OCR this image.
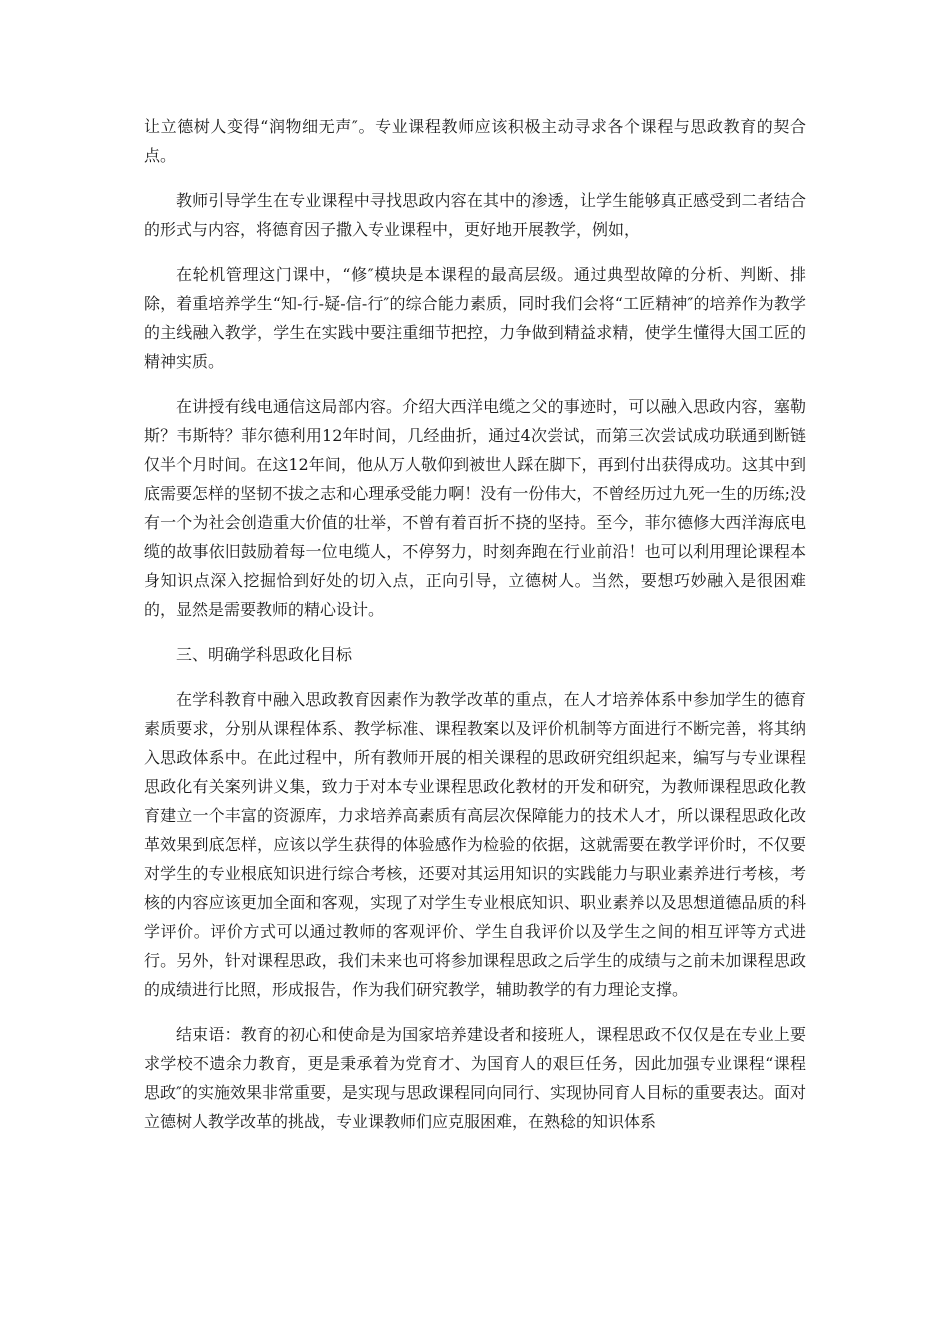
让立德树人变得“润物细无声″。专业课程教师应该积极主动寻求各个课程与思政教育的契合点。

教师引导学生在专业课程中寻找思政内容在其中的渗透，让学生能够真正感受到二者结合的形式与内容，将德育因子撒入专业课程中，更好地开展教学，例如，

在轮机管理这门课中，“修″模块是本课程的最高层级。通过典型故障的分析、判断、排除，着重培养学生“知-行-疑-信-行″的综合能力素质，同时我们会将“工匠精神″的培养作为教学的主线融入教学，学生在实践中要注重细节把控，力争做到精益求精，使学生懂得大国工匠的精神实质。

在讲授有线电通信这局部内容。介绍大西洋电缆之父的事迹时，可以融入思政内容，塞勒斯？韦斯特？菲尔德利用12年时间，几经曲折，通过4次尝试，而第三次尝试成功联通到断链仅半个月时间。在这12年间，他从万人敬仰到被世人踩在脚下，再到付出获得成功。这其中到底需要怎样的坚韧不拔之志和心理承受能力啊！没有一份伟大，不曾经历过九死一生的历练;没有一个为社会创造重大价值的壮举，不曾有着百折不挠的坚持。至今，菲尔德修大西洋海底电缆的故事依旧鼓励着每一位电缆人，不停努力，时刻奔跑在行业前沿！也可以利用理论课程本身知识点深入挖掘恰到好处的切入点，正向引导，立德树人。当然，要想巧妙融入是很困难的，显然是需要教师的精心设计。

三、明确学科思政化目标

在学科教育中融入思政教育因素作为教学改革的重点，在人才培养体系中参加学生的德育素质要求，分别从课程体系、教学标准、课程教案以及评价机制等方面进行不断完善，将其纳入思政体系中。在此过程中，所有教师开展的相关课程的思政研究组织起来，编写与专业课程思政化有关案列讲义集，致力于对本专业课程思政化教材的开发和研究，为教师课程思政化教育建立一个丰富的资源库，力求培养高素质有高层次保障能力的技术人才，所以课程思政化改革效果到底怎样，应该以学生获得的体验感作为检验的依据，这就需要在教学评价时，不仅要对学生的专业根底知识进行综合考核，还要对其运用知识的实践能力与职业素养进行考核，考核的内容应该更加全面和客观，实现了对学生专业根底知识、职业素养以及思想道德品质的科学评价。评价方式可以通过教师的客观评价、学生自我评价以及学生之间的相互评等方式进行。另外，针对课程思政，我们未来也可将参加课程思政之后学生的成绩与之前未加课程思政的成绩进行比照，形成报告，作为我们研究教学，辅助教学的有力理论支撑。

结束语：教育的初心和使命是为国家培养建设者和接班人，课程思政不仅仅是在专业上要求学校不遗余力教育，更是秉承着为党育才、为国育人的艰巨任务，因此加强专业课程“课程思政″的实施效果非常重要，是实现与思政课程同向同行、实现协同育人目标的重要表达。面对立德树人教学改革的挑战，专业课教师们应克服困难，在熟稔的知识体系
